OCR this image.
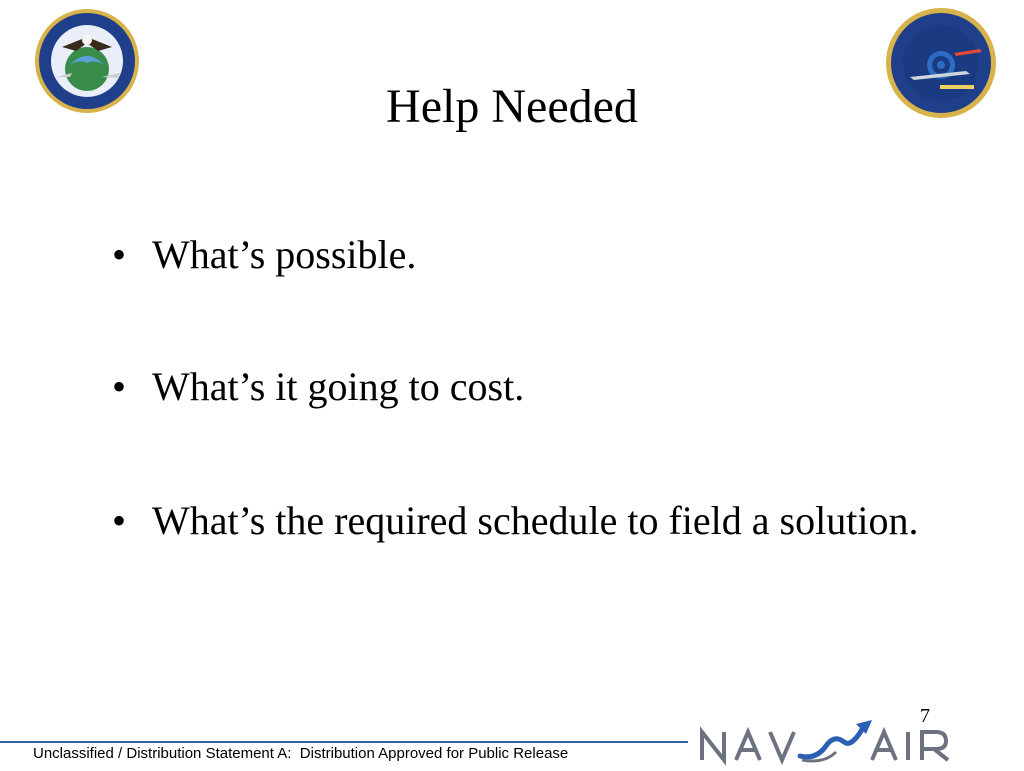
Help Needed
• What’s possible.
• What’s it going to cost.
• What’s the required schedule to field a solution.
7
Unclassified / Distribution Statement A:  Distribution Approved for Public Release
